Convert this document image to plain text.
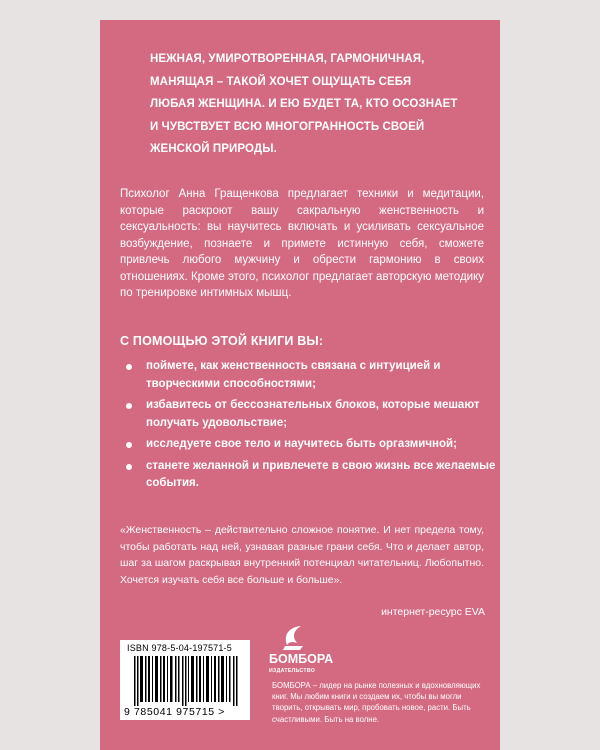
НЕЖНАЯ, УМИРОТВОРЕННАЯ, ГАРМОНИЧНАЯ,
МАНЯЩАЯ – ТАКОЙ ХОЧЕТ ОЩУЩАТЬ СЕБЯ
ЛЮБАЯ ЖЕНЩИНА. И ЕЮ БУДЕТ ТА, КТО ОСОЗНАЕТ
И ЧУВСТВУЕТ ВСЮ МНОГОГРАННОСТЬ СВОЕЙ
ЖЕНСКОЙ ПРИРОДЫ.
Психолог Анна Гращенкова предлагает техники и медитации, которые раскроют вашу сакральную женственность и сексуальность: вы научитесь включать и усиливать сексуальное возбуждение, познаете и примете истинную себя, сможете привлечь любого мужчину и обрести гармонию в своих отношениях. Кроме этого, психолог предлагает авторскую методику по тренировке интимных мышц.
С ПОМОЩЬЮ ЭТОЙ КНИГИ ВЫ:
поймете, как женственность связана с интуицией и творческими способностями;
избавитесь от бессознательных блоков, которые мешают получать удовольствие;
исследуете свое тело и научитесь быть оргазмичной;
станете желанной и привлечете в свою жизнь все желаемые события.
«Женственность – действительно сложное понятие. И нет предела тому, чтобы работать над ней, узнавая разные грани себя. Что и делает автор, шаг за шагом раскрывая внутренний потенциал читательниц. Любопытно. Хочется изучать себя все больше и больше».
интернет-ресурс EVA
ISBN 978-5-04-197571-5
9 785041 975715 >
БОМБОРА
ИЗДАТЕЛЬСТВО
БОМБОРА – лидер на рынке полезных и вдохновляющих книг. Мы любим книги и создаем их, чтобы вы могли творить, открывать мир, пробовать новое, расти. Быть счастливыми. Быть на волне.
